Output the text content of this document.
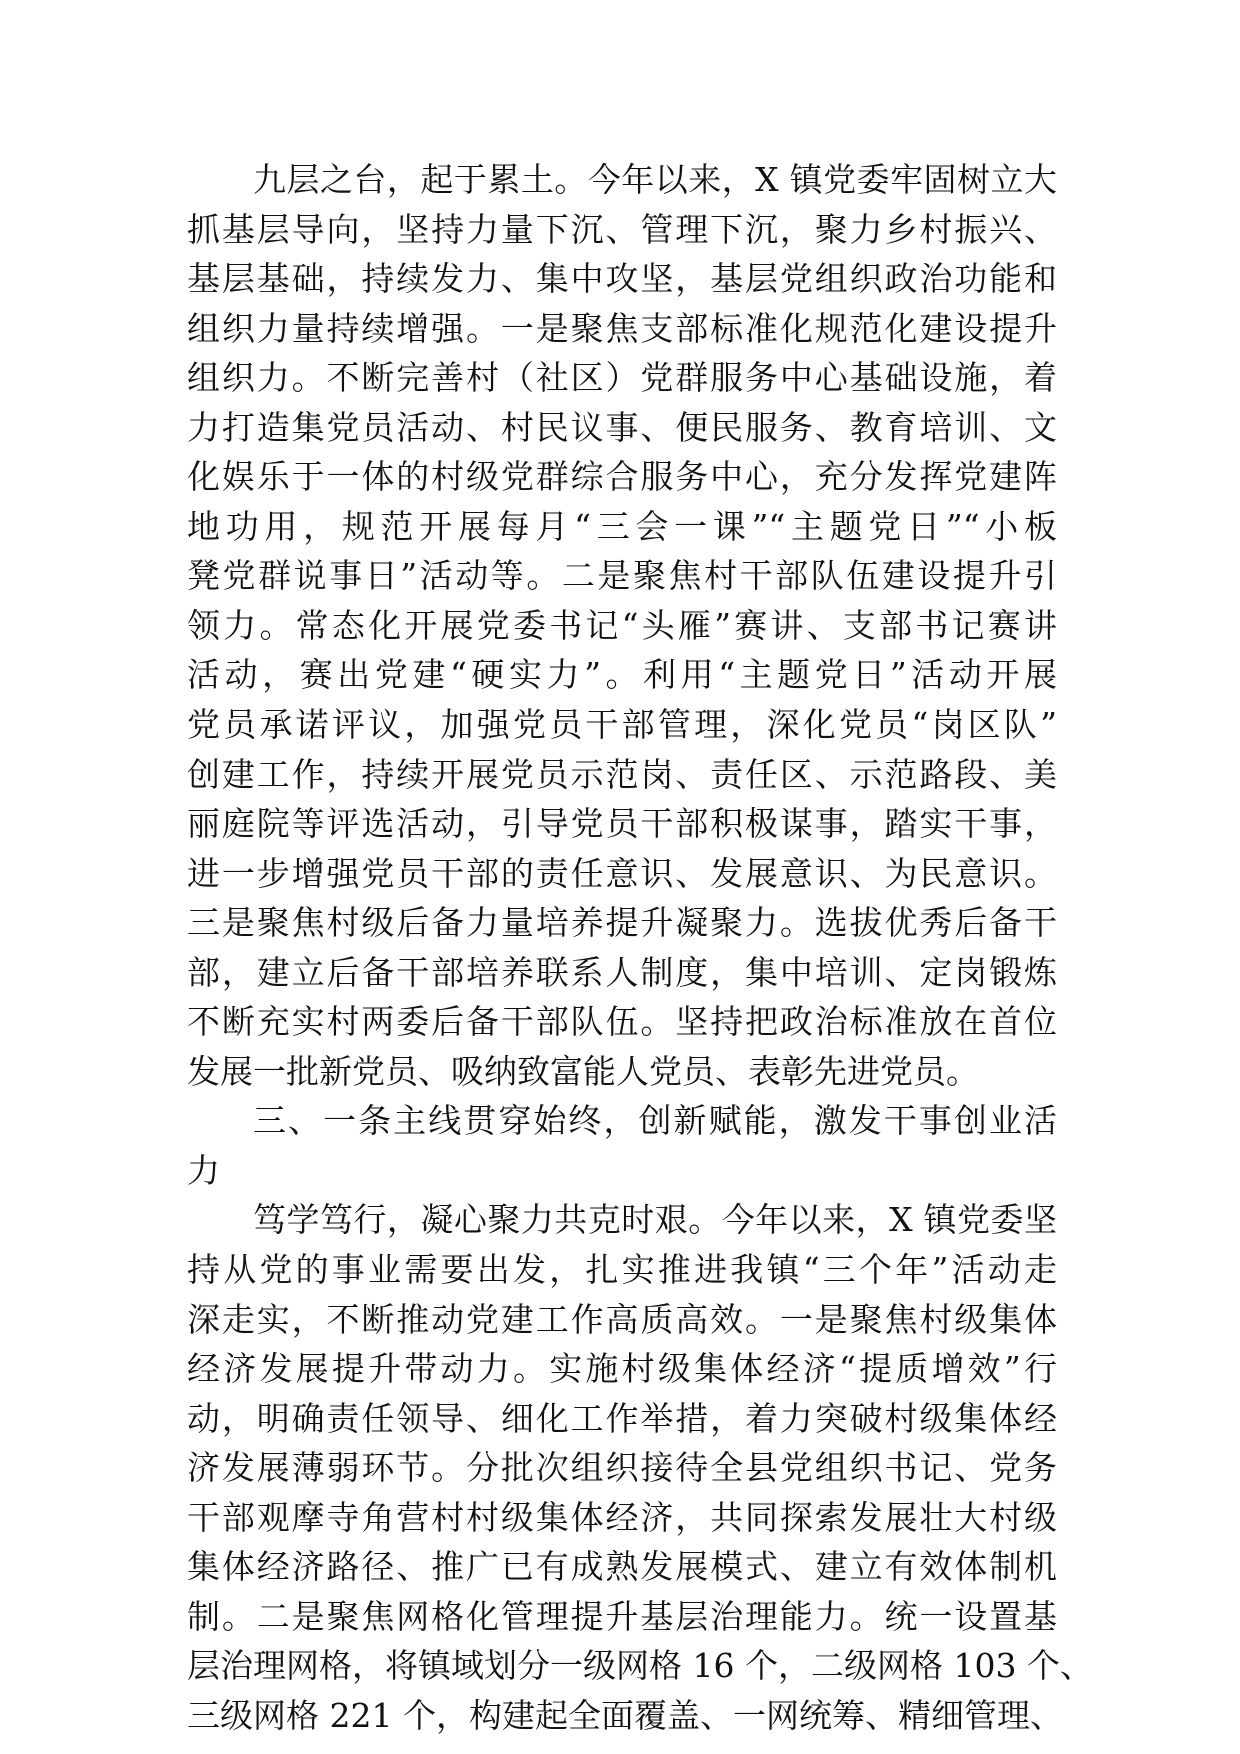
九层之台，起于累土。今年以来，X 镇党委牢固树立大
抓基层导向，坚持力量下沉、管理下沉，聚力乡村振兴、
基层基础，持续发力、集中攻坚，基层党组织政治功能和
组织力量持续增强。一是聚焦支部标准化规范化建设提升
组织力。不断完善村（社区）党群服务中心基础设施，着
力打造集党员活动、村民议事、便民服务、教育培训、文
化娱乐于一体的村级党群综合服务中心，充分发挥党建阵
地功用，规范开展每月“三会一课”“主题党日”“小板
凳党群说事日”活动等。二是聚焦村干部队伍建设提升引
领力。常态化开展党委书记“头雁”赛讲、支部书记赛讲
活动，赛出党建“硬实力”。利用“主题党日”活动开展
党员承诺评议，加强党员干部管理，深化党员“岗区队”
创建工作，持续开展党员示范岗、责任区、示范路段、美
丽庭院等评选活动，引导党员干部积极谋事，踏实干事，
进一步增强党员干部的责任意识、发展意识、为民意识。
三是聚焦村级后备力量培养提升凝聚力。选拔优秀后备干
部，建立后备干部培养联系人制度，集中培训、定岗锻炼
不断充实村两委后备干部队伍。坚持把政治标准放在首位
发展一批新党员、吸纳致富能人党员、表彰先进党员。
三、一条主线贯穿始终，创新赋能，激发干事创业活
力
笃学笃行，凝心聚力共克时艰。今年以来，X 镇党委坚
持从党的事业需要出发，扎实推进我镇“三个年”活动走
深走实，不断推动党建工作高质高效。一是聚焦村级集体
经济发展提升带动力。实施村级集体经济“提质增效”行
动，明确责任领导、细化工作举措，着力突破村级集体经
济发展薄弱环节。分批次组织接待全县党组织书记、党务
干部观摩寺角营村村级集体经济，共同探索发展壮大村级
集体经济路径、推广已有成熟发展模式、建立有效体制机
制。二是聚焦网格化管理提升基层治理能力。统一设置基
层治理网格，将镇域划分一级网格 16 个，二级网格 103 个、
三级网格 221 个，构建起全面覆盖、一网统筹、精细管理、
